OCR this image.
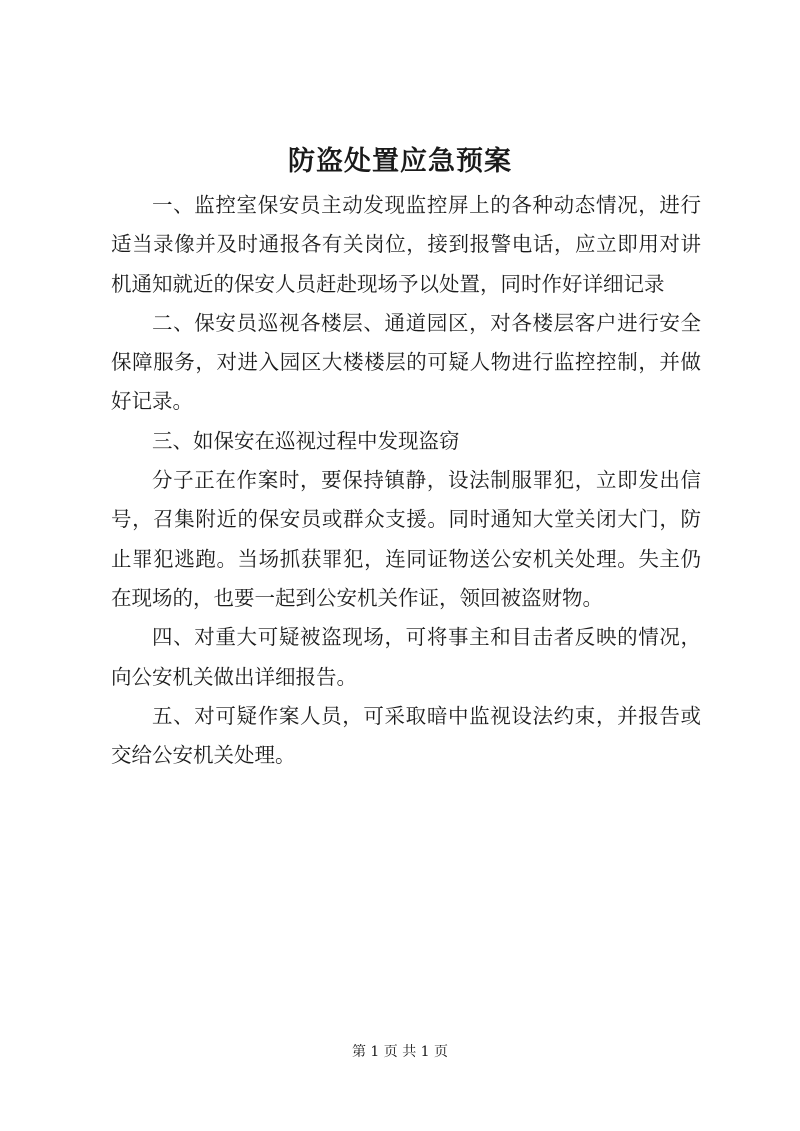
防盗处置应急预案

一、监控室保安员主动发现监控屏上的各种动态情况，进行适当录像并及时通报各有关岗位，接到报警电话，应立即用对讲机通知就近的保安人员赶赴现场予以处置，同时作好详细记录

二、保安员巡视各楼层、通道园区，对各楼层客户进行安全保障服务，对进入园区大楼楼层的可疑人物进行监控控制，并做好记录。

三、如保安在巡视过程中发现盗窃

分子正在作案时，要保持镇静，设法制服罪犯，立即发出信号，召集附近的保安员或群众支援。同时通知大堂关闭大门，防止罪犯逃跑。当场抓获罪犯，连同证物送公安机关处理。失主仍在现场的，也要一起到公安机关作证，领回被盗财物。

四、对重大可疑被盗现场，可将事主和目击者反映的情况，向公安机关做出详细报告。

五、对可疑作案人员，可采取暗中监视设法约束，并报告或交给公安机关处理。

第 1 页 共 1 页
